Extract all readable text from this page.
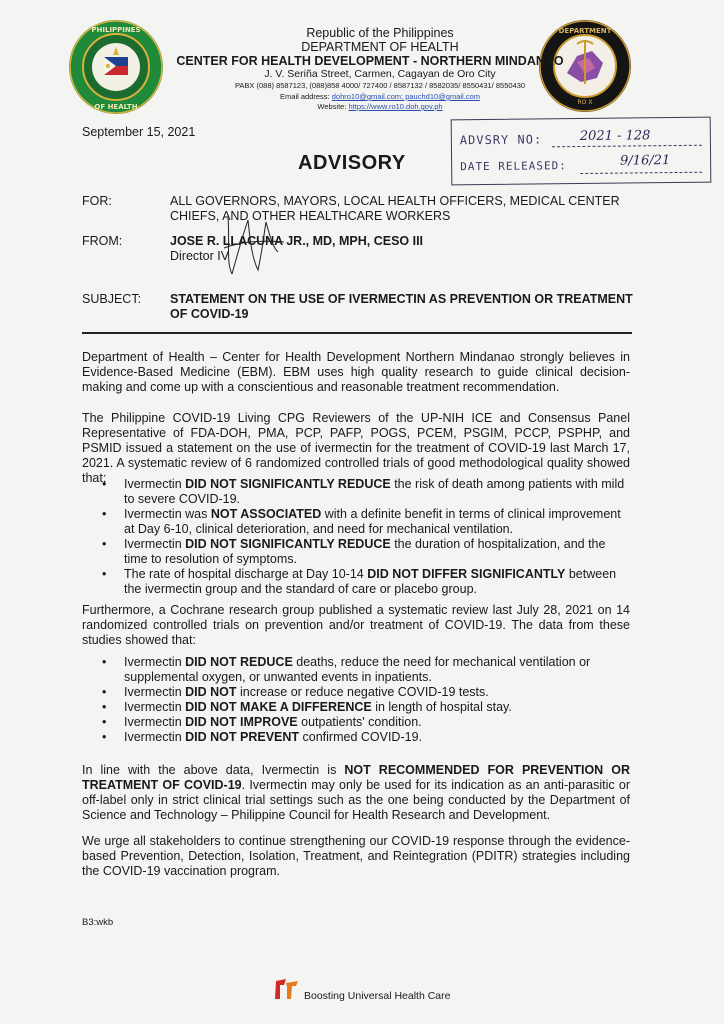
PHILIPPINES
OF HEALTH
DEPARTMENT
RO X
Republic of the Philippines
DEPARTMENT OF HEALTH
CENTER FOR HEALTH DEVELOPMENT - NORTHERN MINDANAO
J. V. Seriña Street, Carmen, Cagayan de Oro City
PABX (088) 8587123, (088)858 4000/ 727400 / 8587132 / 8582035/ 8550431/ 8550430
Email address: dohro10@gmail.com; pauchd10@gmail.com
Website: https://www.ro10.doh.gov.ph
September 15, 2021
ADVISORY
ADVSRY NO:	2021 - 128
DATE RELEASED:	9/16/21
FOR:	ALL GOVERNORS, MAYORS, LOCAL HEALTH OFFICERS, MEDICAL CENTER
CHIEFS, AND OTHER HEALTHCARE WORKERS
FROM:	JOSE R. LLACUNA JR., MD, MPH, CESO III
Director IV
SUBJECT: STATEMENT ON THE USE OF IVERMECTIN AS PREVENTION OR TREATMENT
OF COVID-19
Department of Health – Center for Health Development Northern Mindanao strongly believes in Evidence-Based Medicine (EBM). EBM uses high quality research to guide clinical decision-making and come up with a conscientious and reasonable treatment recommendation.
The Philippine COVID-19 Living CPG Reviewers of the UP-NIH ICE and Consensus Panel Representative of FDA-DOH, PMA, PCP, PAFP, POGS, PCEM, PSGIM, PCCP, PSPHP, and PSMID issued a statement on the use of ivermectin for the treatment of COVID-19 last March 17, 2021. A systematic review of 6 randomized controlled trials of good methodological quality showed that:
•	Ivermectin DID NOT SIGNIFICANTLY REDUCE the risk of death among patients with mild to severe COVID-19.
• Ivermectin was NOT ASSOCIATED with a definite benefit in terms of clinical improvement at Day 6-10, clinical deterioration, and need for mechanical ventilation.
• Ivermectin DID NOT SIGNIFICANTLY REDUCE the duration of hospitalization, and the time to resolution of symptoms.
• The rate of hospital discharge at Day 10-14 DID NOT DIFFER SIGNIFICANTLY between the ivermectin group and the standard of care or placebo group.
Furthermore, a Cochrane research group published a systematic review last July 28, 2021 on 14 randomized controlled trials on prevention and/or treatment of COVID-19. The data from these studies showed that:
• Ivermectin DID NOT REDUCE deaths, reduce the need for mechanical ventilation or supplemental oxygen, or unwanted events in inpatients.
• Ivermectin DID NOT increase or reduce negative COVID-19 tests.
• Ivermectin DID NOT MAKE A DIFFERENCE in length of hospital stay.
• Ivermectin DID NOT IMPROVE outpatients' condition.
• Ivermectin DID NOT PREVENT confirmed COVID-19.
In line with the above data, Ivermectin is NOT RECOMMENDED FOR PREVENTION OR TREATMENT OF COVID-19. Ivermectin may only be used for its indication as an anti-parasitic or off-label only in strict clinical trial settings such as the one being conducted by the Department of Science and Technology – Philippine Council for Health Research and Development.
We urge all stakeholders to continue strengthening our COVID-19 response through the evidence-based Prevention, Detection, Isolation, Treatment, and Reintegration (PDITR) strategies including the COVID-19 vaccination program.
B3:wkb
Boosting Universal Health Care
